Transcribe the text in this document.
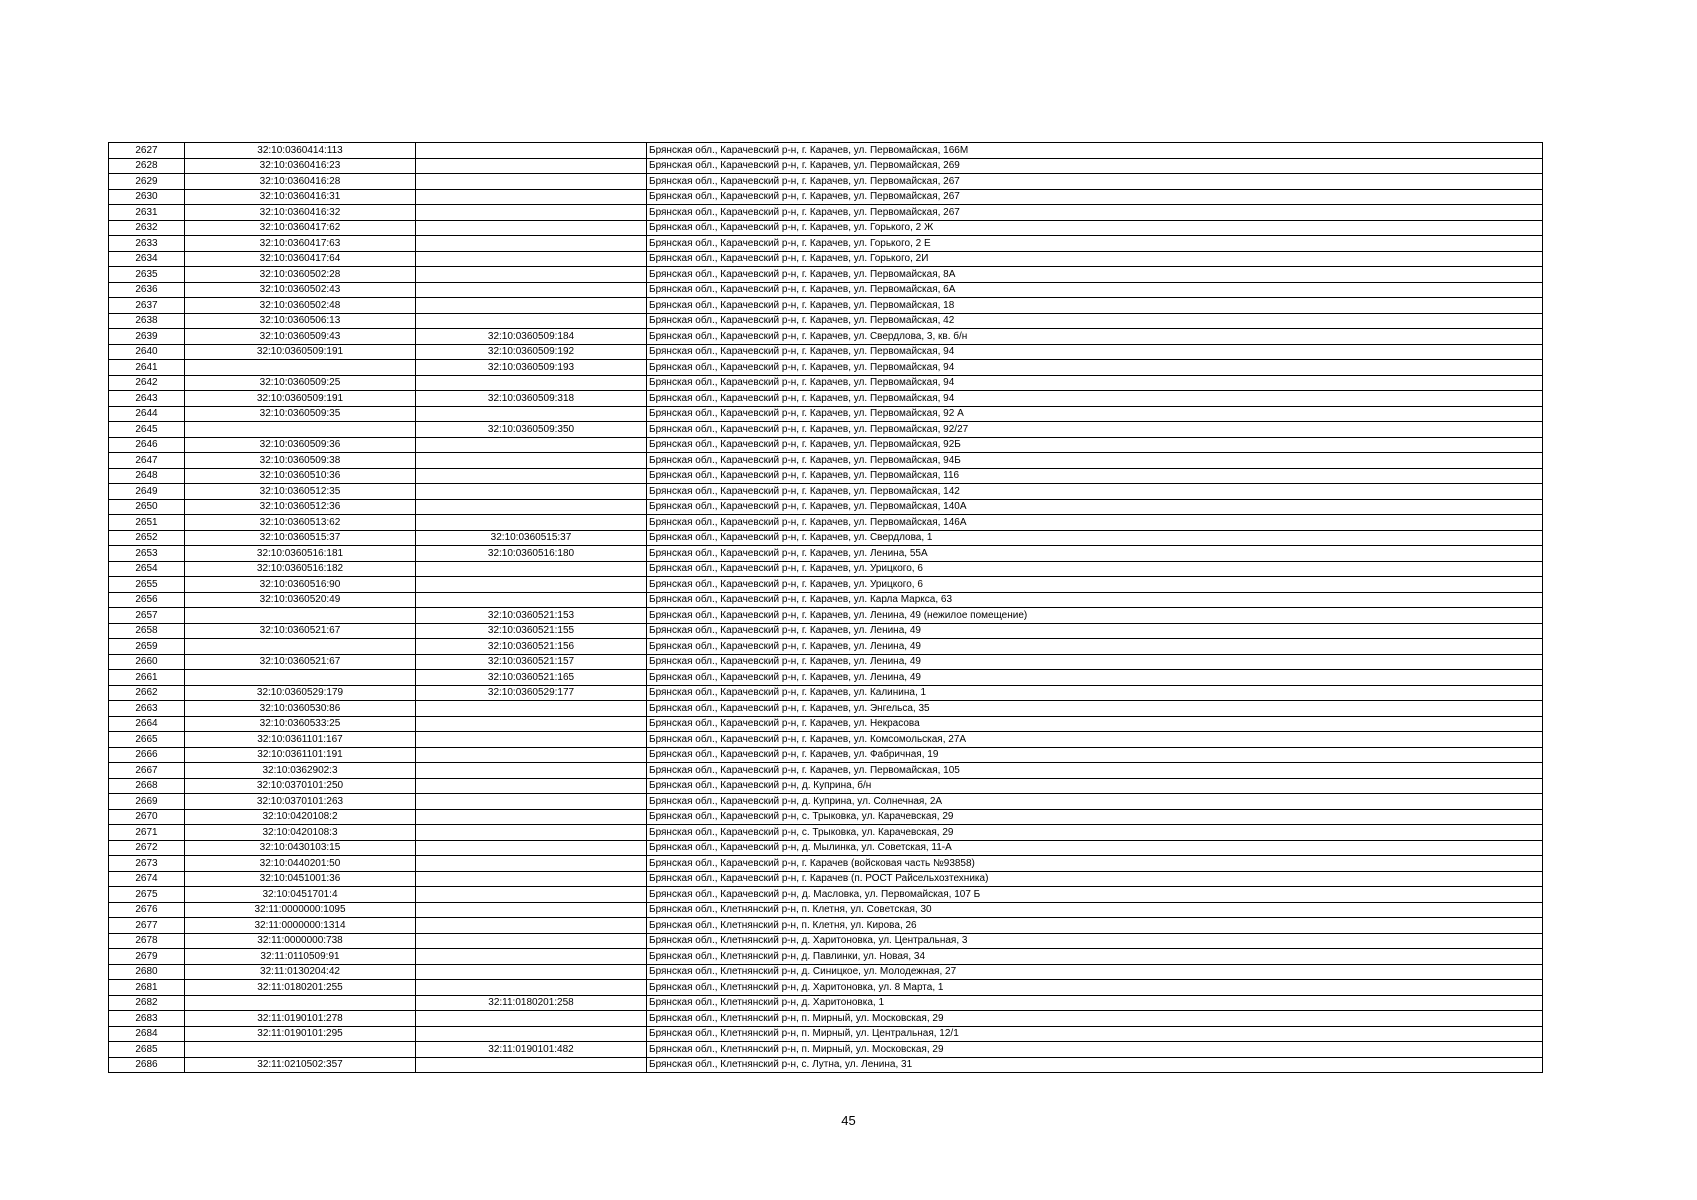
2627	32:10:0360414:113		Брянская обл., Карачевский р-н, г. Карачев, ул. Первомайская, 166М
2628	32:10:0360416:23		Брянская обл., Карачевский р-н, г. Карачев, ул. Первомайская, 269
2629	32:10:0360416:28		Брянская обл., Карачевский р-н, г. Карачев, ул. Первомайская, 267
2630	32:10:0360416:31		Брянская обл., Карачевский р-н, г. Карачев, ул. Первомайская, 267
2631	32:10:0360416:32		Брянская обл., Карачевский р-н, г. Карачев, ул. Первомайская, 267
2632	32:10:0360417:62		Брянская обл., Карачевский р-н, г. Карачев, ул. Горького, 2 Ж
2633	32:10:0360417:63		Брянская обл., Карачевский р-н, г. Карачев, ул. Горького, 2 Е
2634	32:10:0360417:64		Брянская обл., Карачевский р-н, г. Карачев, ул. Горького, 2И
2635	32:10:0360502:28		Брянская обл., Карачевский р-н, г. Карачев, ул. Первомайская, 8А
2636	32:10:0360502:43		Брянская обл., Карачевский р-н, г. Карачев, ул. Первомайская, 6А
2637	32:10:0360502:48		Брянская обл., Карачевский р-н, г. Карачев, ул. Первомайская, 18
2638	32:10:0360506:13		Брянская обл., Карачевский р-н, г. Карачев, ул. Первомайская, 42
2639	32:10:0360509:43	32:10:0360509:184	Брянская обл., Карачевский р-н, г. Карачев, ул. Свердлова, 3, кв. б/н
2640	32:10:0360509:191	32:10:0360509:192	Брянская обл., Карачевский р-н, г. Карачев, ул. Первомайская, 94
2641		32:10:0360509:193	Брянская обл., Карачевский р-н, г. Карачев, ул. Первомайская, 94
2642	32:10:0360509:25		Брянская обл., Карачевский р-н, г. Карачев, ул. Первомайская, 94
2643	32:10:0360509:191	32:10:0360509:318	Брянская обл., Карачевский р-н, г. Карачев, ул. Первомайская, 94
2644	32:10:0360509:35		Брянская обл., Карачевский р-н, г. Карачев, ул. Первомайская, 92 А
2645		32:10:0360509:350	Брянская обл., Карачевский р-н, г. Карачев, ул. Первомайская, 92/27
2646	32:10:0360509:36		Брянская обл., Карачевский р-н, г. Карачев, ул. Первомайская, 92Б
2647	32:10:0360509:38		Брянская обл., Карачевский р-н, г. Карачев, ул. Первомайская, 94Б
2648	32:10:0360510:36		Брянская обл., Карачевский р-н, г. Карачев, ул. Первомайская, 116
2649	32:10:0360512:35		Брянская обл., Карачевский р-н, г. Карачев, ул. Первомайская, 142
2650	32:10:0360512:36		Брянская обл., Карачевский р-н, г. Карачев, ул. Первомайская, 140А
2651	32:10:0360513:62		Брянская обл., Карачевский р-н, г. Карачев, ул. Первомайская, 146А
2652	32:10:0360515:37	32:10:0360515:37	Брянская обл., Карачевский р-н, г. Карачев, ул. Свердлова, 1
2653	32:10:0360516:181	32:10:0360516:180	Брянская обл., Карачевский р-н, г. Карачев, ул. Ленина, 55А
2654	32:10:0360516:182		Брянская обл., Карачевский р-н, г. Карачев, ул. Урицкого, 6
2655	32:10:0360516:90		Брянская обл., Карачевский р-н, г. Карачев, ул. Урицкого, 6
2656	32:10:0360520:49		Брянская обл., Карачевский р-н, г. Карачев, ул. Карла Маркса, 63
2657		32:10:0360521:153	Брянская обл., Карачевский р-н, г. Карачев, ул. Ленина, 49 (нежилое помещение)
2658	32:10:0360521:67	32:10:0360521:155	Брянская обл., Карачевский р-н, г. Карачев, ул. Ленина, 49
2659		32:10:0360521:156	Брянская обл., Карачевский р-н, г. Карачев, ул. Ленина, 49
2660	32:10:0360521:67	32:10:0360521:157	Брянская обл., Карачевский р-н, г. Карачев, ул. Ленина, 49
2661		32:10:0360521:165	Брянская обл., Карачевский р-н, г. Карачев, ул. Ленина, 49
2662	32:10:0360529:179	32:10:0360529:177	Брянская обл., Карачевский р-н, г. Карачев, ул. Калинина, 1
2663	32:10:0360530:86		Брянская обл., Карачевский р-н, г. Карачев, ул. Энгельса, 35
2664	32:10:0360533:25		Брянская обл., Карачевский р-н, г. Карачев, ул. Некрасова
2665	32:10:0361101:167		Брянская обл., Карачевский р-н, г. Карачев, ул. Комсомольская, 27А
2666	32:10:0361101:191		Брянская обл., Карачевский р-н, г. Карачев, ул. Фабричная, 19
2667	32:10:0362902:3		Брянская обл., Карачевский р-н, г. Карачев, ул. Первомайская, 105
2668	32:10:0370101:250		Брянская обл., Карачевский р-н, д. Куприна, б/н
2669	32:10:0370101:263		Брянская обл., Карачевский р-н, д. Куприна, ул. Солнечная, 2А
2670	32:10:0420108:2		Брянская обл., Карачевский р-н, с. Трыковка, ул. Карачевская, 29
2671	32:10:0420108:3		Брянская обл., Карачевский р-н, с. Трыковка, ул. Карачевская, 29
2672	32:10:0430103:15		Брянская обл., Карачевский р-н, д. Мылинка, ул. Советская, 11-А
2673	32:10:0440201:50		Брянская обл., Карачевский р-н, г. Карачев (войсковая часть №93858)
2674	32:10:0451001:36		Брянская обл., Карачевский р-н, г. Карачев (п. РОСТ Райсельхозтехника)
2675	32:10:0451701:4		Брянская обл., Карачевский р-н, д. Масловка, ул. Первомайская, 107 Б
2676	32:11:0000000:1095		Брянская обл., Клетнянский р-н, п. Клетня, ул. Советская, 30
2677	32:11:0000000:1314		Брянская обл., Клетнянский р-н, п. Клетня, ул. Кирова, 26
2678	32:11:0000000:738		Брянская обл., Клетнянский р-н, д. Харитоновка, ул. Центральная, 3
2679	32:11:0110509:91		Брянская обл., Клетнянский р-н, д. Павлинки, ул. Новая, 34
2680	32:11:0130204:42		Брянская обл., Клетнянский р-н, д. Синицкое, ул. Молодежная, 27
2681	32:11:0180201:255		Брянская обл., Клетнянский р-н, д. Харитоновка, ул. 8 Марта, 1
2682		32:11:0180201:258	Брянская обл., Клетнянский р-н, д. Харитоновка, 1
2683	32:11:0190101:278		Брянская обл., Клетнянский р-н, п. Мирный, ул. Московская, 29
2684	32:11:0190101:295		Брянская обл., Клетнянский р-н, п. Мирный, ул. Центральная, 12/1
2685		32:11:0190101:482	Брянская обл., Клетнянский р-н, п. Мирный, ул. Московская, 29
2686	32:11:0210502:357		Брянская обл., Клетнянский р-н, с. Лутна, ул. Ленина, 31
45
